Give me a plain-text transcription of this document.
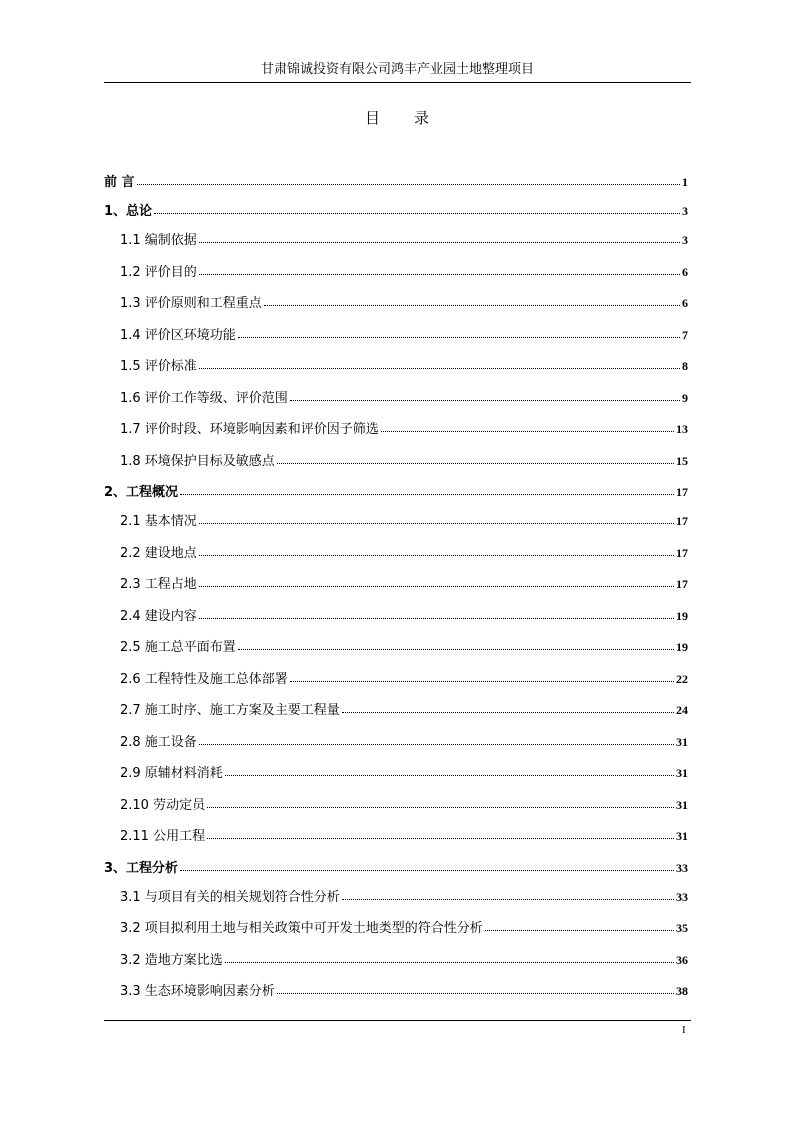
甘肃锦诚投资有限公司鸿丰产业园土地整理项目
目 录
前 言	1
1、总论	3
1.1 编制依据	3
1.2 评价目的	6
1.3 评价原则和工程重点	6
1.4 评价区环境功能	7
1.5 评价标准	8
1.6 评价工作等级、评价范围	9
1.7 评价时段、环境影响因素和评价因子筛选	13
1.8 环境保护目标及敏感点	15
2、工程概况	17
2.1 基本情况	17
2.2 建设地点	17
2.3 工程占地	17
2.4 建设内容	19
2.5 施工总平面布置	19
2.6 工程特性及施工总体部署	22
2.7 施工时序、施工方案及主要工程量	24
2.8 施工设备	31
2.9 原辅材料消耗	31
2.10 劳动定员	31
2.11 公用工程	31
3、工程分析	33
3.1 与项目有关的相关规划符合性分析	33
3.2 项目拟利用土地与相关政策中可开发土地类型的符合性分析	35
3.2 造地方案比选	36
3.3 生态环境影响因素分析	38
I
